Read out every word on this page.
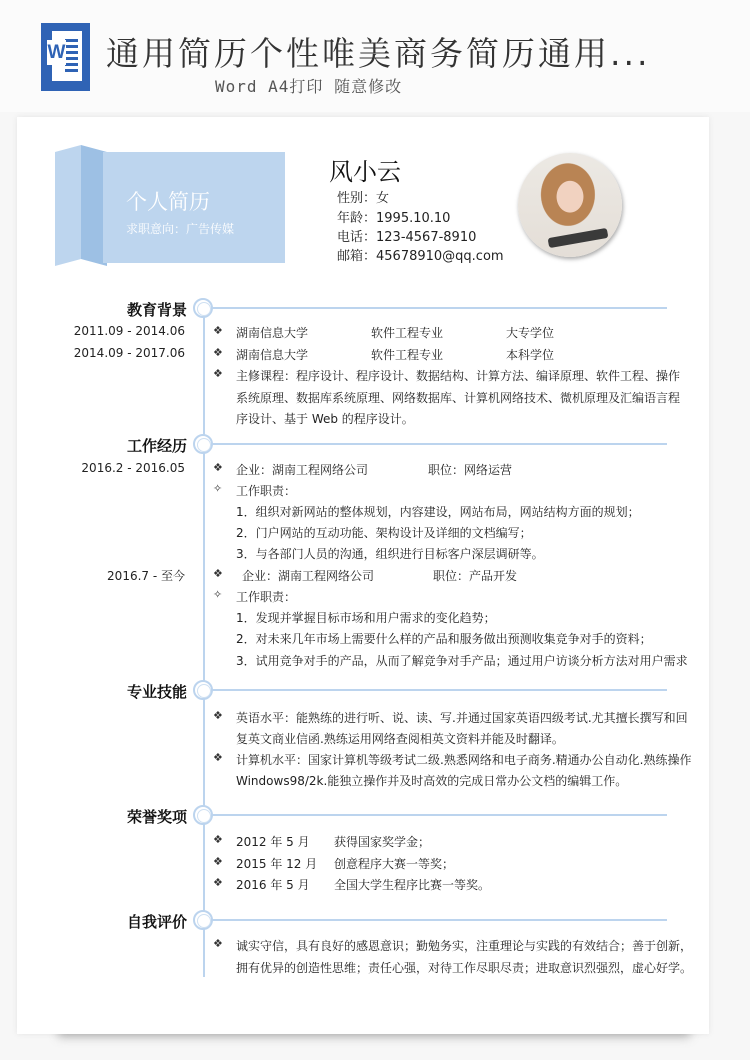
W 通用简历个性唯美商务简历通用...
Word A4打印 随意修改
个人简历
求职意向：广告传媒
风小云
性别：女
年龄：1995.10.10
电话：123-4567-8910
邮箱：45678910@qq.com
教育背景
2011.09 - 2014.06	❖ 湖南信息大学	软件工程专业	大专学位
2014.09 - 2017.06	❖ 湖南信息大学	软件工程专业	本科学位
❖ 主修课程：程序设计、程序设计、数据结构、计算方法、编译原理、软件工程、操作
系统原理、数据库系统原理、网络数据库、计算机网络技术、微机原理及汇编语言程
序设计、基于 Web 的程序设计。
工作经历
2016.2 - 2016.05	❖ 企业：湖南工程网络公司	职位：网络运营
✧ 工作职责：
1．组织对新网站的整体规划，内容建设，网站布局，网站结构方面的规划；
2．门户网站的互动功能、架构设计及详细的文档编写；
3．与各部门人员的沟通，组织进行目标客户深层调研等。
2016.7 - 至今	❖ 企业：湖南工程网络公司	职位：产品开发
✧ 工作职责：
1．发现并掌握目标市场和用户需求的变化趋势；
2．对未来几年市场上需要什么样的产品和服务做出预测收集竞争对手的资料；
3．试用竞争对手的产品，从而了解竞争对手产品；通过用户访谈分析方法对用户需求
专业技能
❖ 英语水平：能熟练的进行听、说、读、写.并通过国家英语四级考试.尤其擅长撰写和回
复英文商业信函.熟练运用网络查阅相英文资料并能及时翻译。
❖ 计算机水平：国家计算机等级考试二级.熟悉网络和电子商务.精通办公自动化.熟练操作
Windows98/2k.能独立操作并及时高效的完成日常办公文档的编辑工作。
荣誉奖项
❖ 2012 年 5 月 获得国家奖学金；
❖ 2015 年 12 月 创意程序大赛一等奖；
❖ 2016 年 5 月 全国大学生程序比赛一等奖。
自我评价
❖ 诚实守信，具有良好的感恩意识；勤勉务实，注重理论与实践的有效结合；善于创新，
拥有优异的创造性思维；责任心强，对待工作尽职尽责；进取意识烈强烈，虚心好学。
